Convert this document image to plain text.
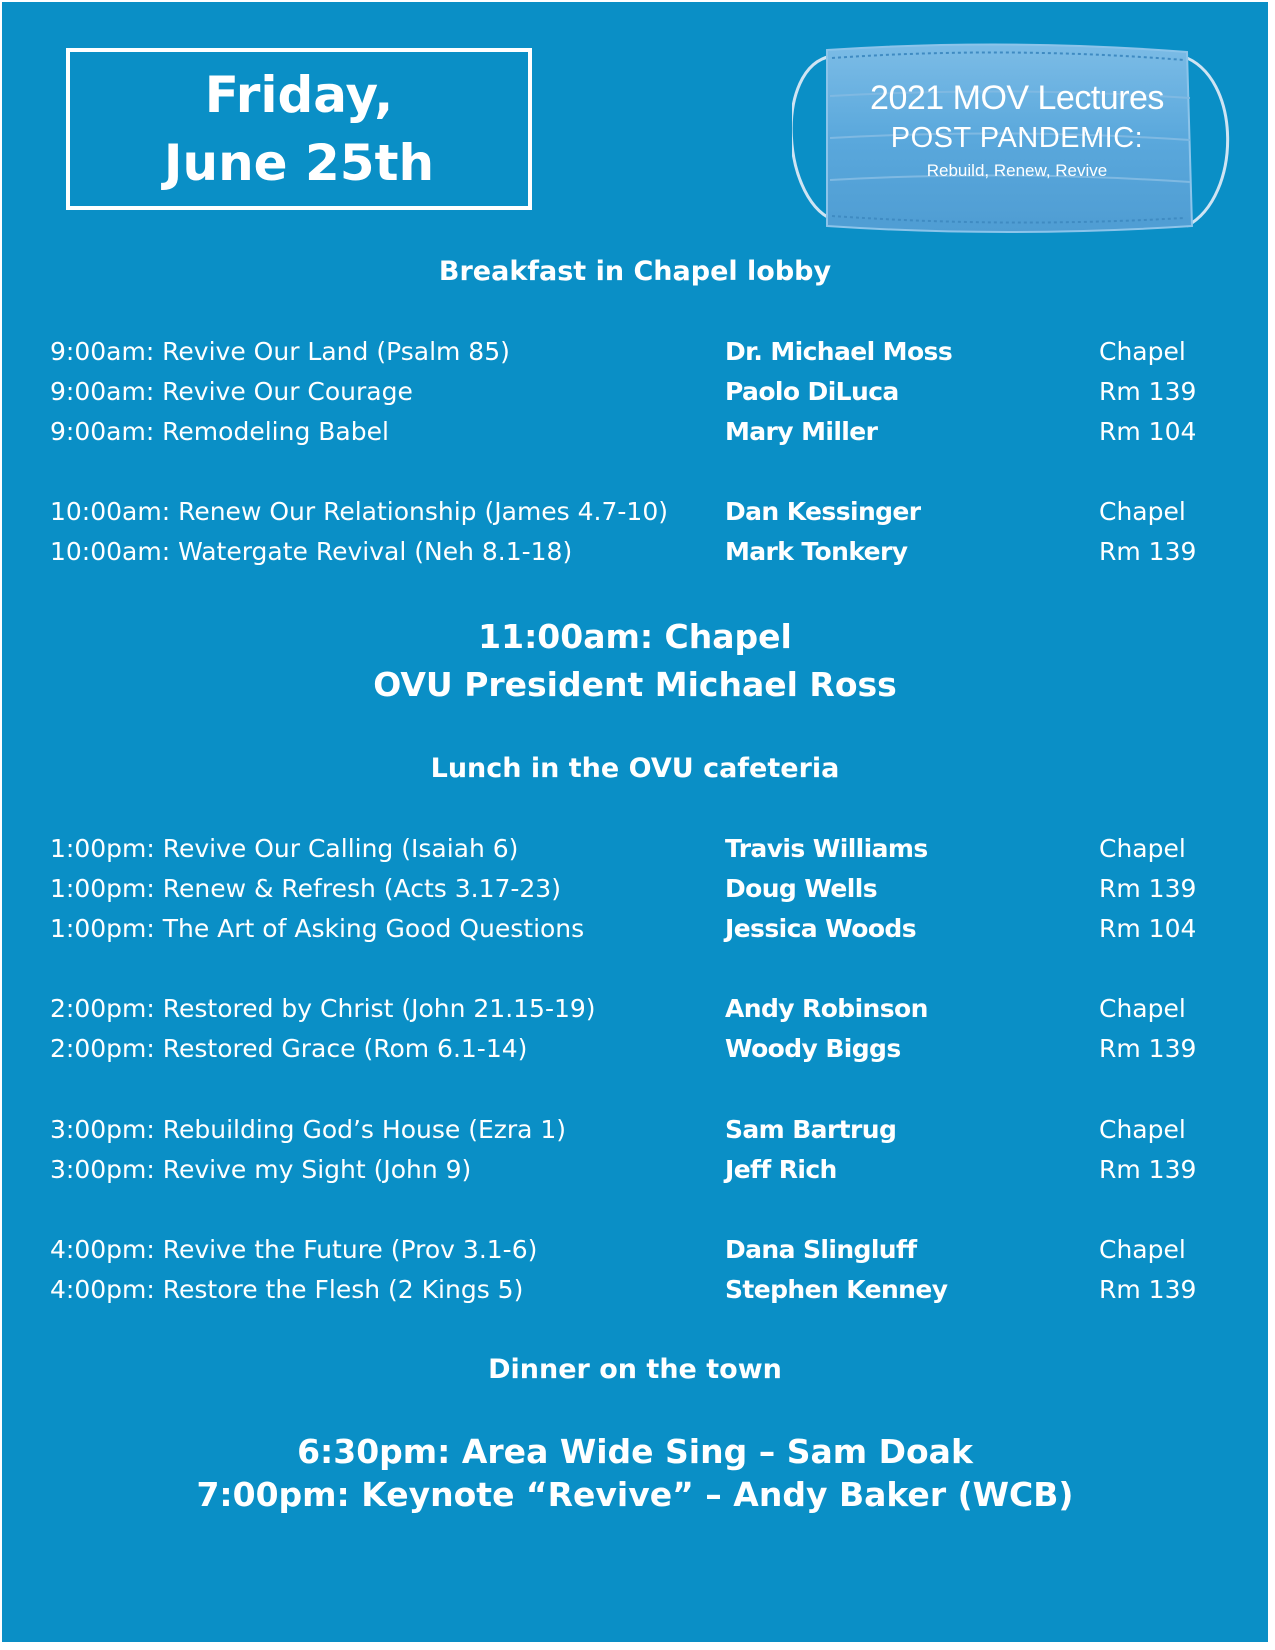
Friday,
June 25th
2021 MOV Lectures
POST PANDEMIC:
Rebuild, Renew, Revive
Breakfast in Chapel lobby
9:00am: Revive Our Land (Psalm 85)	Dr. Michael Moss	Chapel
9:00am: Revive Our Courage	Paolo DiLuca	Rm 139
9:00am: Remodeling Babel	Mary Miller	Rm 104
10:00am: Renew Our Relationship (James 4.7-10) Dan Kessinger	Chapel
10:00am: Watergate Revival (Neh 8.1-18)	Mark Tonkery	Rm 139
11:00am: Chapel
OVU President Michael Ross
Lunch in the OVU cafeteria
1:00pm: Revive Our Calling (Isaiah 6)	Travis Williams	Chapel
1:00pm: Renew & Refresh (Acts 3.17-23)	Doug Wells	Rm 139
1:00pm: The Art of Asking Good Questions	Jessica Woods	Rm 104
2:00pm: Restored by Christ (John 21.15-19)	Andy Robinson	Chapel
2:00pm: Restored Grace (Rom 6.1-14)	Woody Biggs	Rm 139
3:00pm: Rebuilding God’s House (Ezra 1)	Sam Bartrug	Chapel
3:00pm: Revive my Sight (John 9)	Jeff Rich	Rm 139
4:00pm: Revive the Future (Prov 3.1-6)	Dana Slingluff	Chapel
4:00pm: Restore the Flesh (2 Kings 5)	Stephen Kenney	Rm 139
Dinner on the town
6:30pm: Area Wide Sing – Sam Doak
7:00pm: Keynote “Revive” – Andy Baker (WCB)
